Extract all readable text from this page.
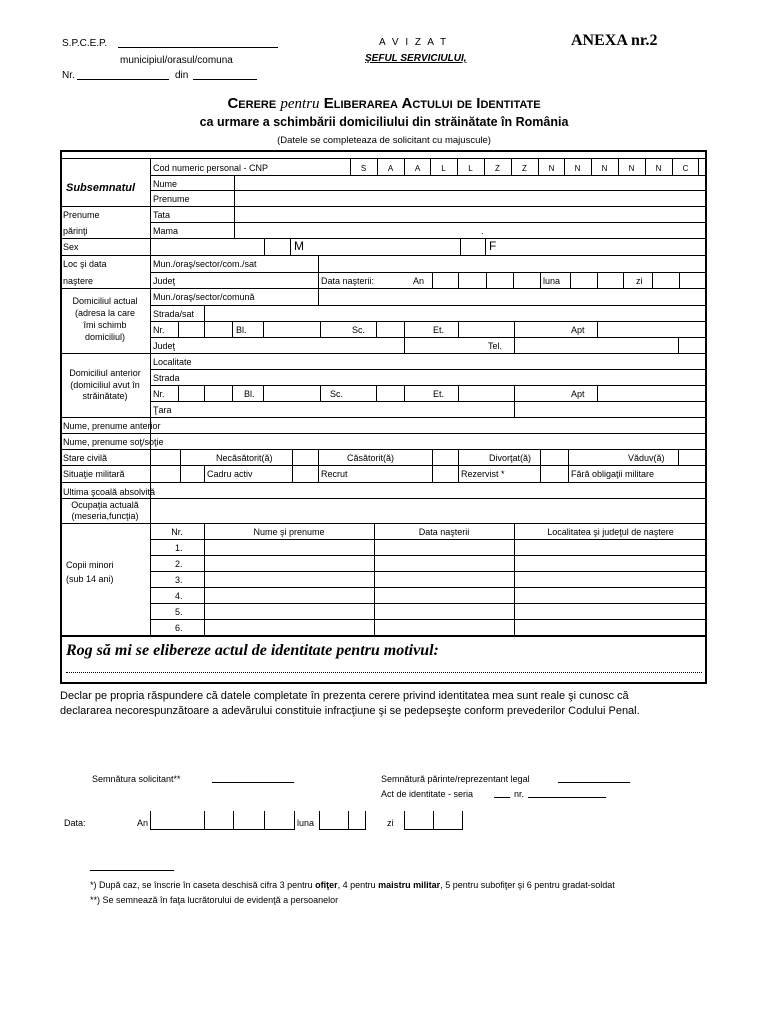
S.P.C.E.P.
municipiul/orasul/comuna
Nr.	din
A V I Z A T
ŞEFUL SERVICIULUI,
ANEXA nr.2
Cerere pentru Eliberarea Actului de Identitate
ca urmare a schimbării domiciliului din străinătate în România
(Datele se completeaza de solicitant cu majuscule)
Cod numeric personal - CNP	S	A	A	L	L	Z	Z	N	N	N	N	N	C
Subsemnatul Nume
Prenume
Prenume
părinţi
Tata
Mama	.
Sex	M	F
Loc şi data
naştere
Mun./oraş/sector/com./sat
Judeţ	Data naşterii:	An	luna	zi
Domiciliul actual
(adresa la care
îmi schimb
domiciliul)
Mun./oraş/sector/comună
Strada/sat
Nr.	Bl.	Sc.	Et.	Apt
Judeţ	Tel.
Domiciliul anterior
(domiciliul avut în
străinătate)
Localitate
Strada
Nr.	Bl.	Sc.	Et.	Apt
Ţara
Nume, prenume anterior
Nume, prenume soţ/soţie
Stare civilă	Necăsătorit(ă)	Căsătorit(ă)	Divorţat(ă)	Văduv(ă)
Situaţie militară	Cadru activ	Recrut	Rezervist *	Fără obligaţii militare
Ultima şcoală absolvită
Ocupaţia actuală
(meseria,funcţia)
Copii minori
(sub 14 ani)
Nr.	Nume şi prenume	Data naşterii	Localitatea şi judeţul de naştere
1.
2.
3.
4.
5.
6.
Rog să mi se elibereze actul de identitate pentru motivul:
Declar pe propria răspundere că datele completate în prezenta cerere privind identitatea mea sunt reale şi cunosc că
declararea necorespunzătoare a adevărului constituie infracţiune şi se pedepseşte conform prevederilor Codului Penal.
Semnătura solicitant**	Semnătură părinte/reprezentant legal
Act de identitate - seria	nr.
Data:	An	luna	zi
*) După caz, se înscrie în caseta deschisă cifra 3 pentru ofiţer, 4 pentru maistru militar, 5 pentru subofiţer şi 6 pentru gradat-soldat
**) Se semnează în faţa lucrătorului de evidenţă a persoanelor
